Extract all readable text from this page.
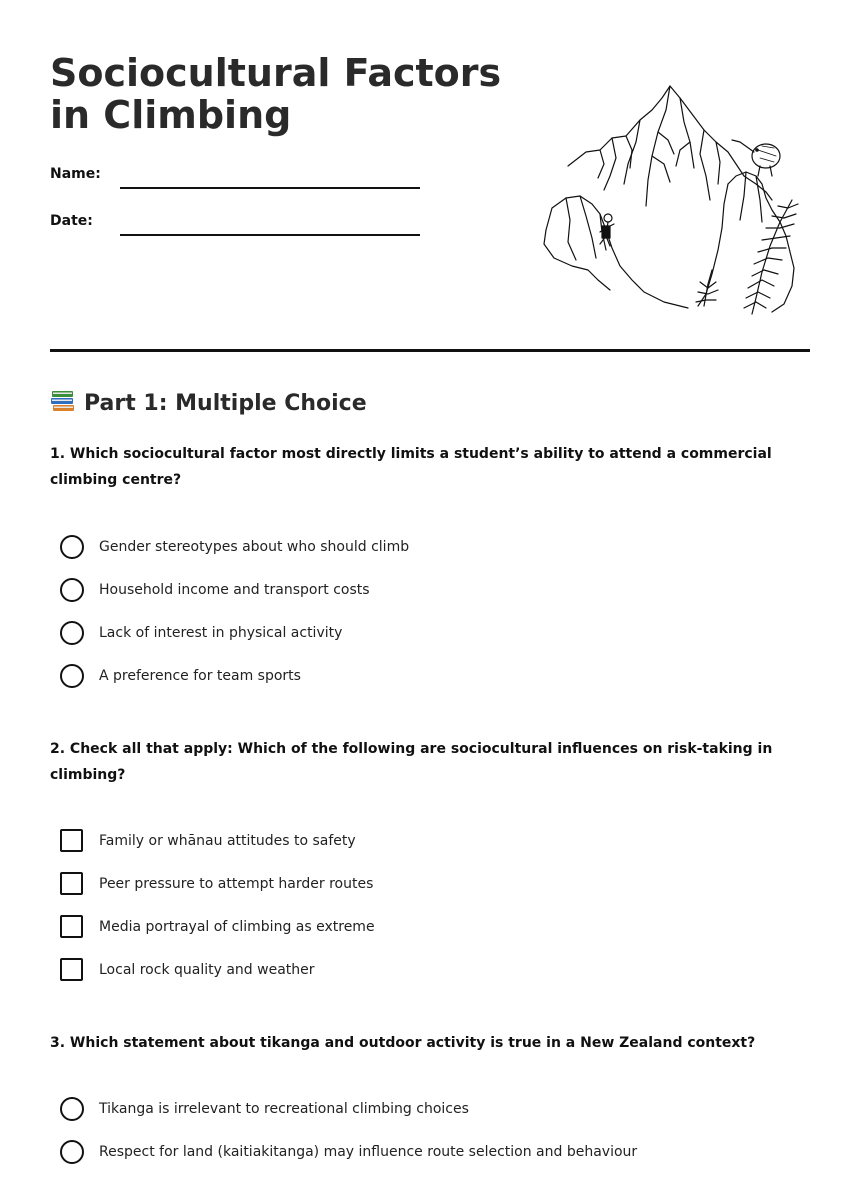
Sociocultural Factors in Climbing
Name:
Date:
Part 1: Multiple Choice

1. Which sociocultural factor most directly limits a student’s ability to attend a commercial climbing centre?

Gender stereotypes about who should climb
Household income and transport costs
Lack of interest in physical activity
A preference for team sports

2. Check all that apply: Which of the following are sociocultural influences on risk-taking in climbing?

Family or whānau attitudes to safety
Peer pressure to attempt harder routes
Media portrayal of climbing as extreme
Local rock quality and weather

3. Which statement about tikanga and outdoor activity is true in a New Zealand context?

Tikanga is irrelevant to recreational climbing choices
Respect for land (kaitiakitanga) may influence route selection and behaviour
